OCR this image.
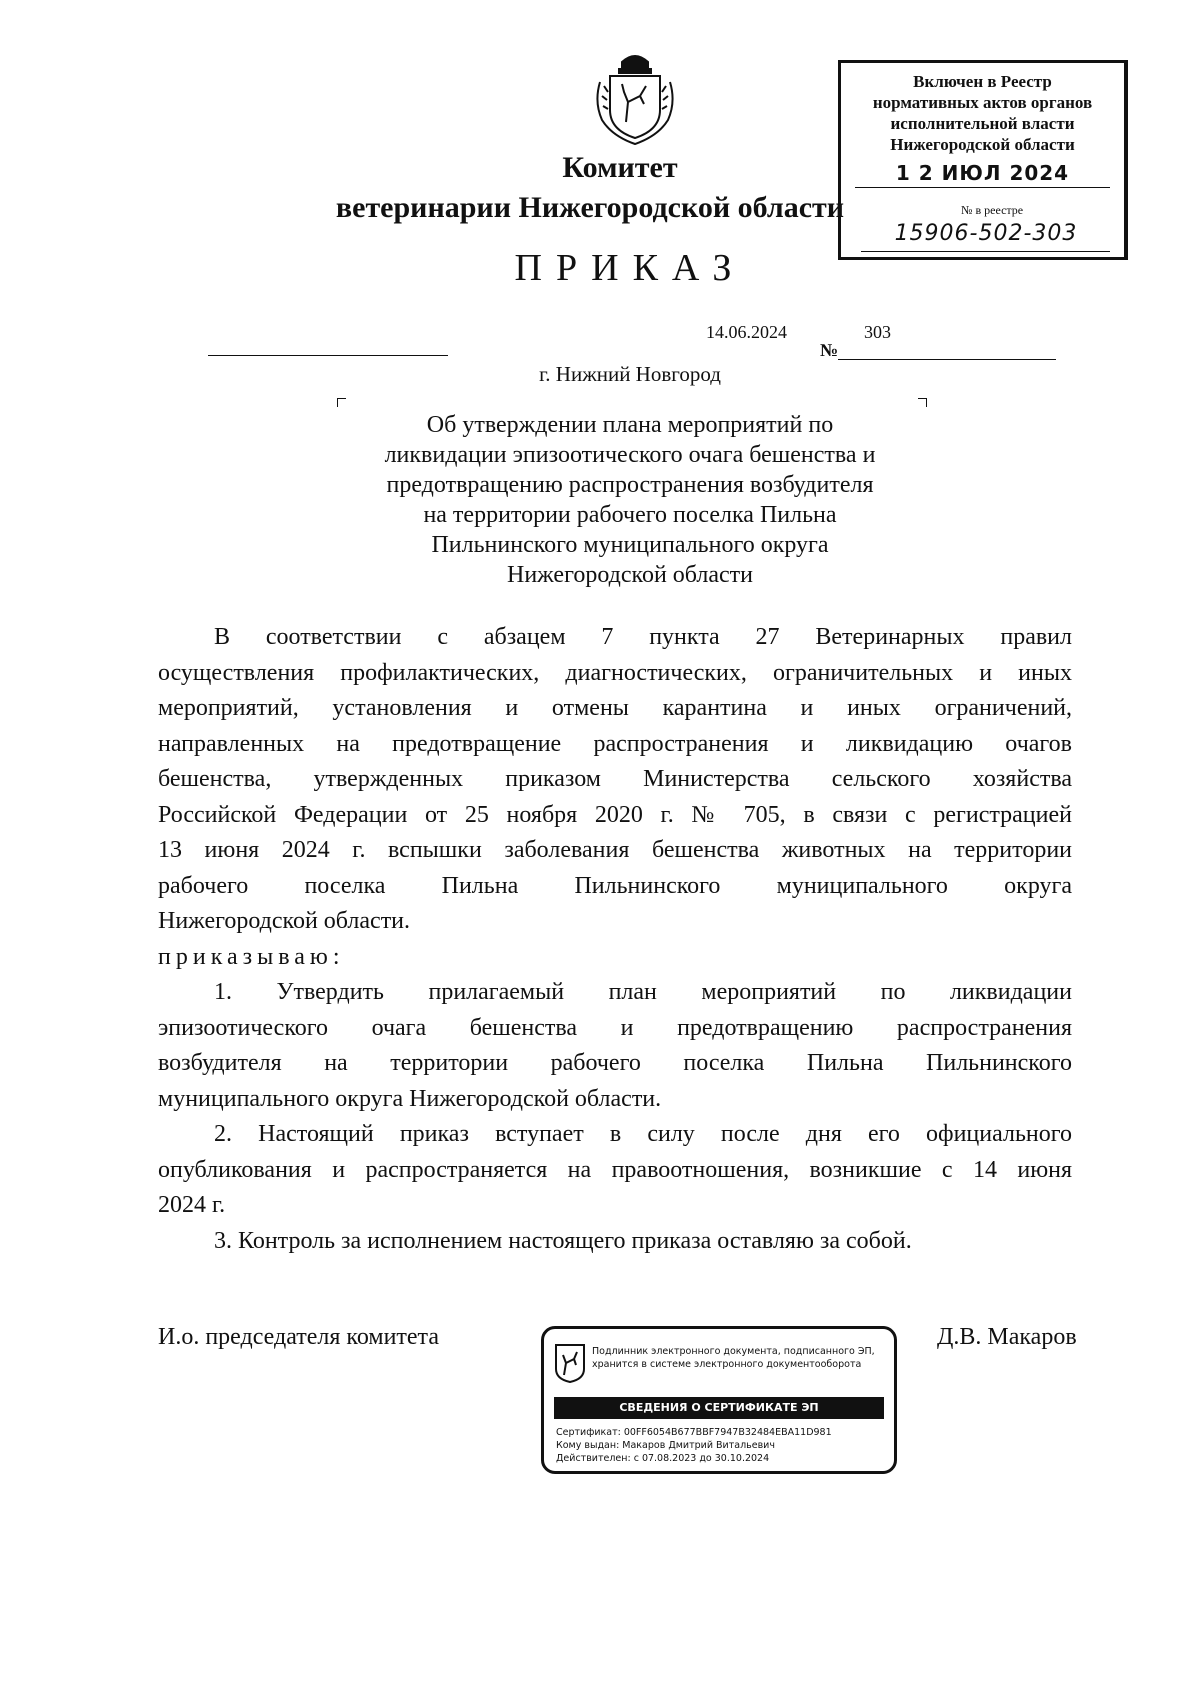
Комитет
ветеринарии Нижегородской области
ПРИКАЗ
Включен в Реестр
нормативных актов органов
исполнительной власти
Нижегородской области
1 2 ИЮЛ 2024
№ в реестре
15906-502-303
14.06.2024
№
303
г. Нижний Новгород
Об утверждении плана мероприятий по
ликвидации эпизоотического очага бешенства и
предотвращению распространения возбудителя
на территории рабочего поселка Пильна
Пильнинского муниципального округа
Нижегородской области
В соответствии с абзацем 7 пункта 27 Ветеринарных правил
осуществления профилактических, диагностических, ограничительных и иных
мероприятий, установления и отмены карантина и иных ограничений,
направленных на предотвращение распространения и ликвидацию очагов
бешенства, утвержденных приказом Министерства сельского хозяйства
Российской Федерации от 25 ноября 2020 г. № 705, в связи с регистрацией
13 июня 2024 г. вспышки заболевания бешенства животных на территории
рабочего поселка Пильна Пильнинского муниципального округа
Нижегородской области.
приказываю:
1. Утвердить прилагаемый план мероприятий по ликвидации
эпизоотического очага бешенства и предотвращению распространения
возбудителя на территории рабочего поселка Пильна Пильнинского
муниципального округа Нижегородской области.
2. Настоящий приказ вступает в силу после дня его официального
опубликования и распространяется на правоотношения, возникшие с 14 июня
2024 г.
3. Контроль за исполнением настоящего приказа оставляю за собой.
И.о. председателя комитета	Д.В. Макаров
Подлинник электронного документа, подписанного ЭП, хранится в системе электронного документооборота
СВЕДЕНИЯ О СЕРТИФИКАТЕ ЭП
Сертификат: 00FF6054B677BBF7947B32484EBA11D981
Кому выдан: Макаров Дмитрий Витальевич
Действителен: с 07.08.2023 до 30.10.2024
